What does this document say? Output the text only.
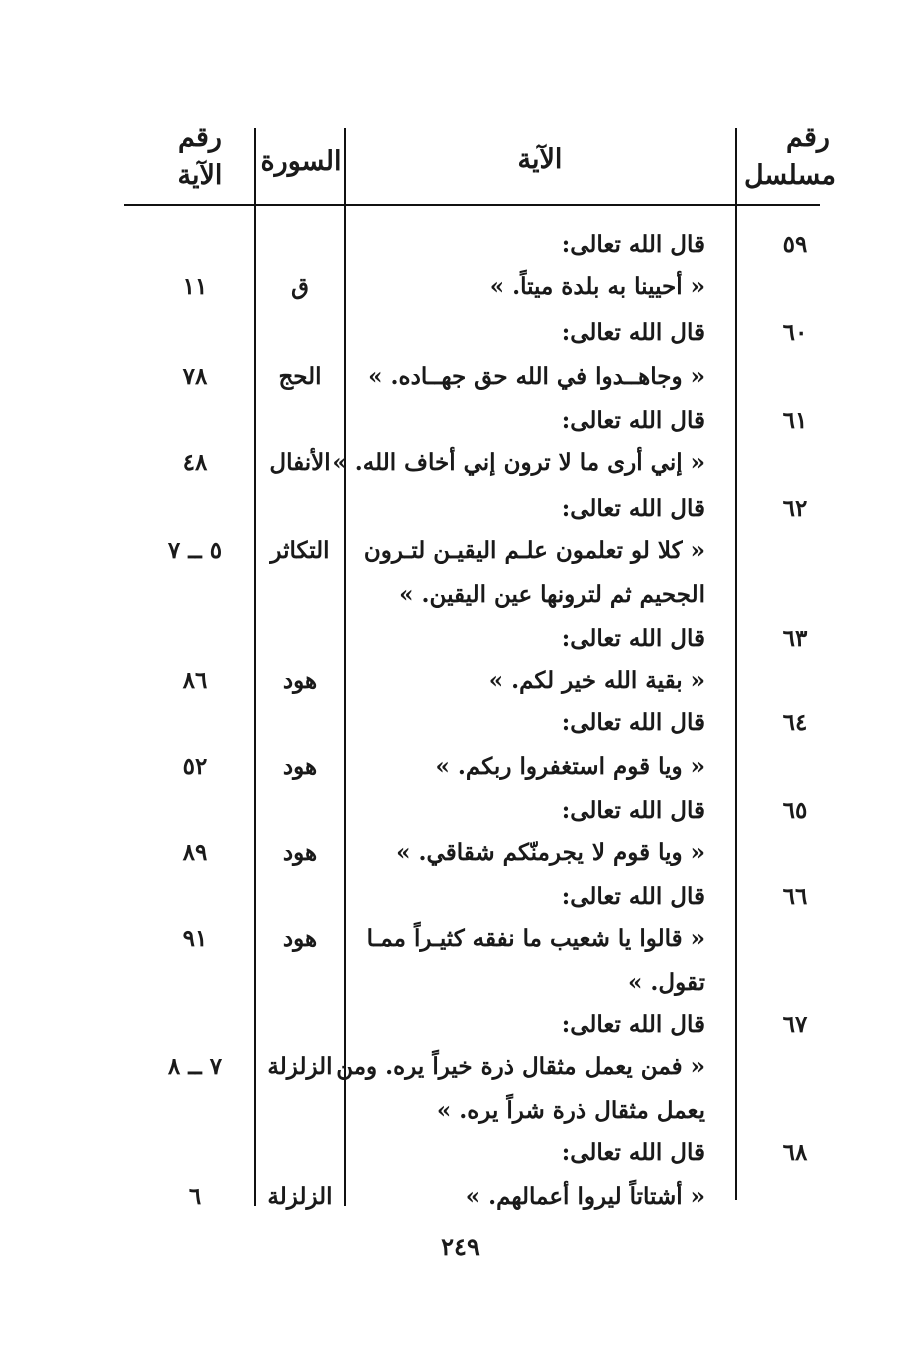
رقم
مسلسل
الآية
السورة
رقم
الآية
٥٩
٦٠
٦١
٦٢
٦٣
٦٤
٦٥
٦٦
٦٧
٦٨
قال الله تعالى:
قال الله تعالى:
قال الله تعالى:
قال الله تعالى:
قال الله تعالى:
قال الله تعالى:
قال الله تعالى:
قال الله تعالى:
قال الله تعالى:
قال الله تعالى:
« أحيينا به بلدة ميتاً. »
« وجاهــدوا في الله حق جهــاده. »
« إني أرى ما لا ترون إني أخاف الله. »
« كلا لو تعلمون علـم اليقيـن لتـرون
الجحيم ثم لترونها عين اليقين. »
« بقية الله خير لكم. »
« ويا قوم استغفروا ربكم. »
« ويا قوم لا يجرمنّكم شقاقي. »
« قالوا يا شعيب ما نفقه كثيـراً ممـا
تقول. »
« فمن يعمل مثقال ذرة خيراً يره. ومن
يعمل مثقال ذرة شراً يره. »
« أشتاتاً ليروا أعمالهم. »
ق
الحج
الأنفال
التكاثر
هود
هود
هود
هود
الزلزلة
الزلزلة
١١
٧٨
٤٨
٥ ــ ٧
٨٦
٥٢
٨٩
٩١
٧ ــ ٨
٦
٢٤٩
